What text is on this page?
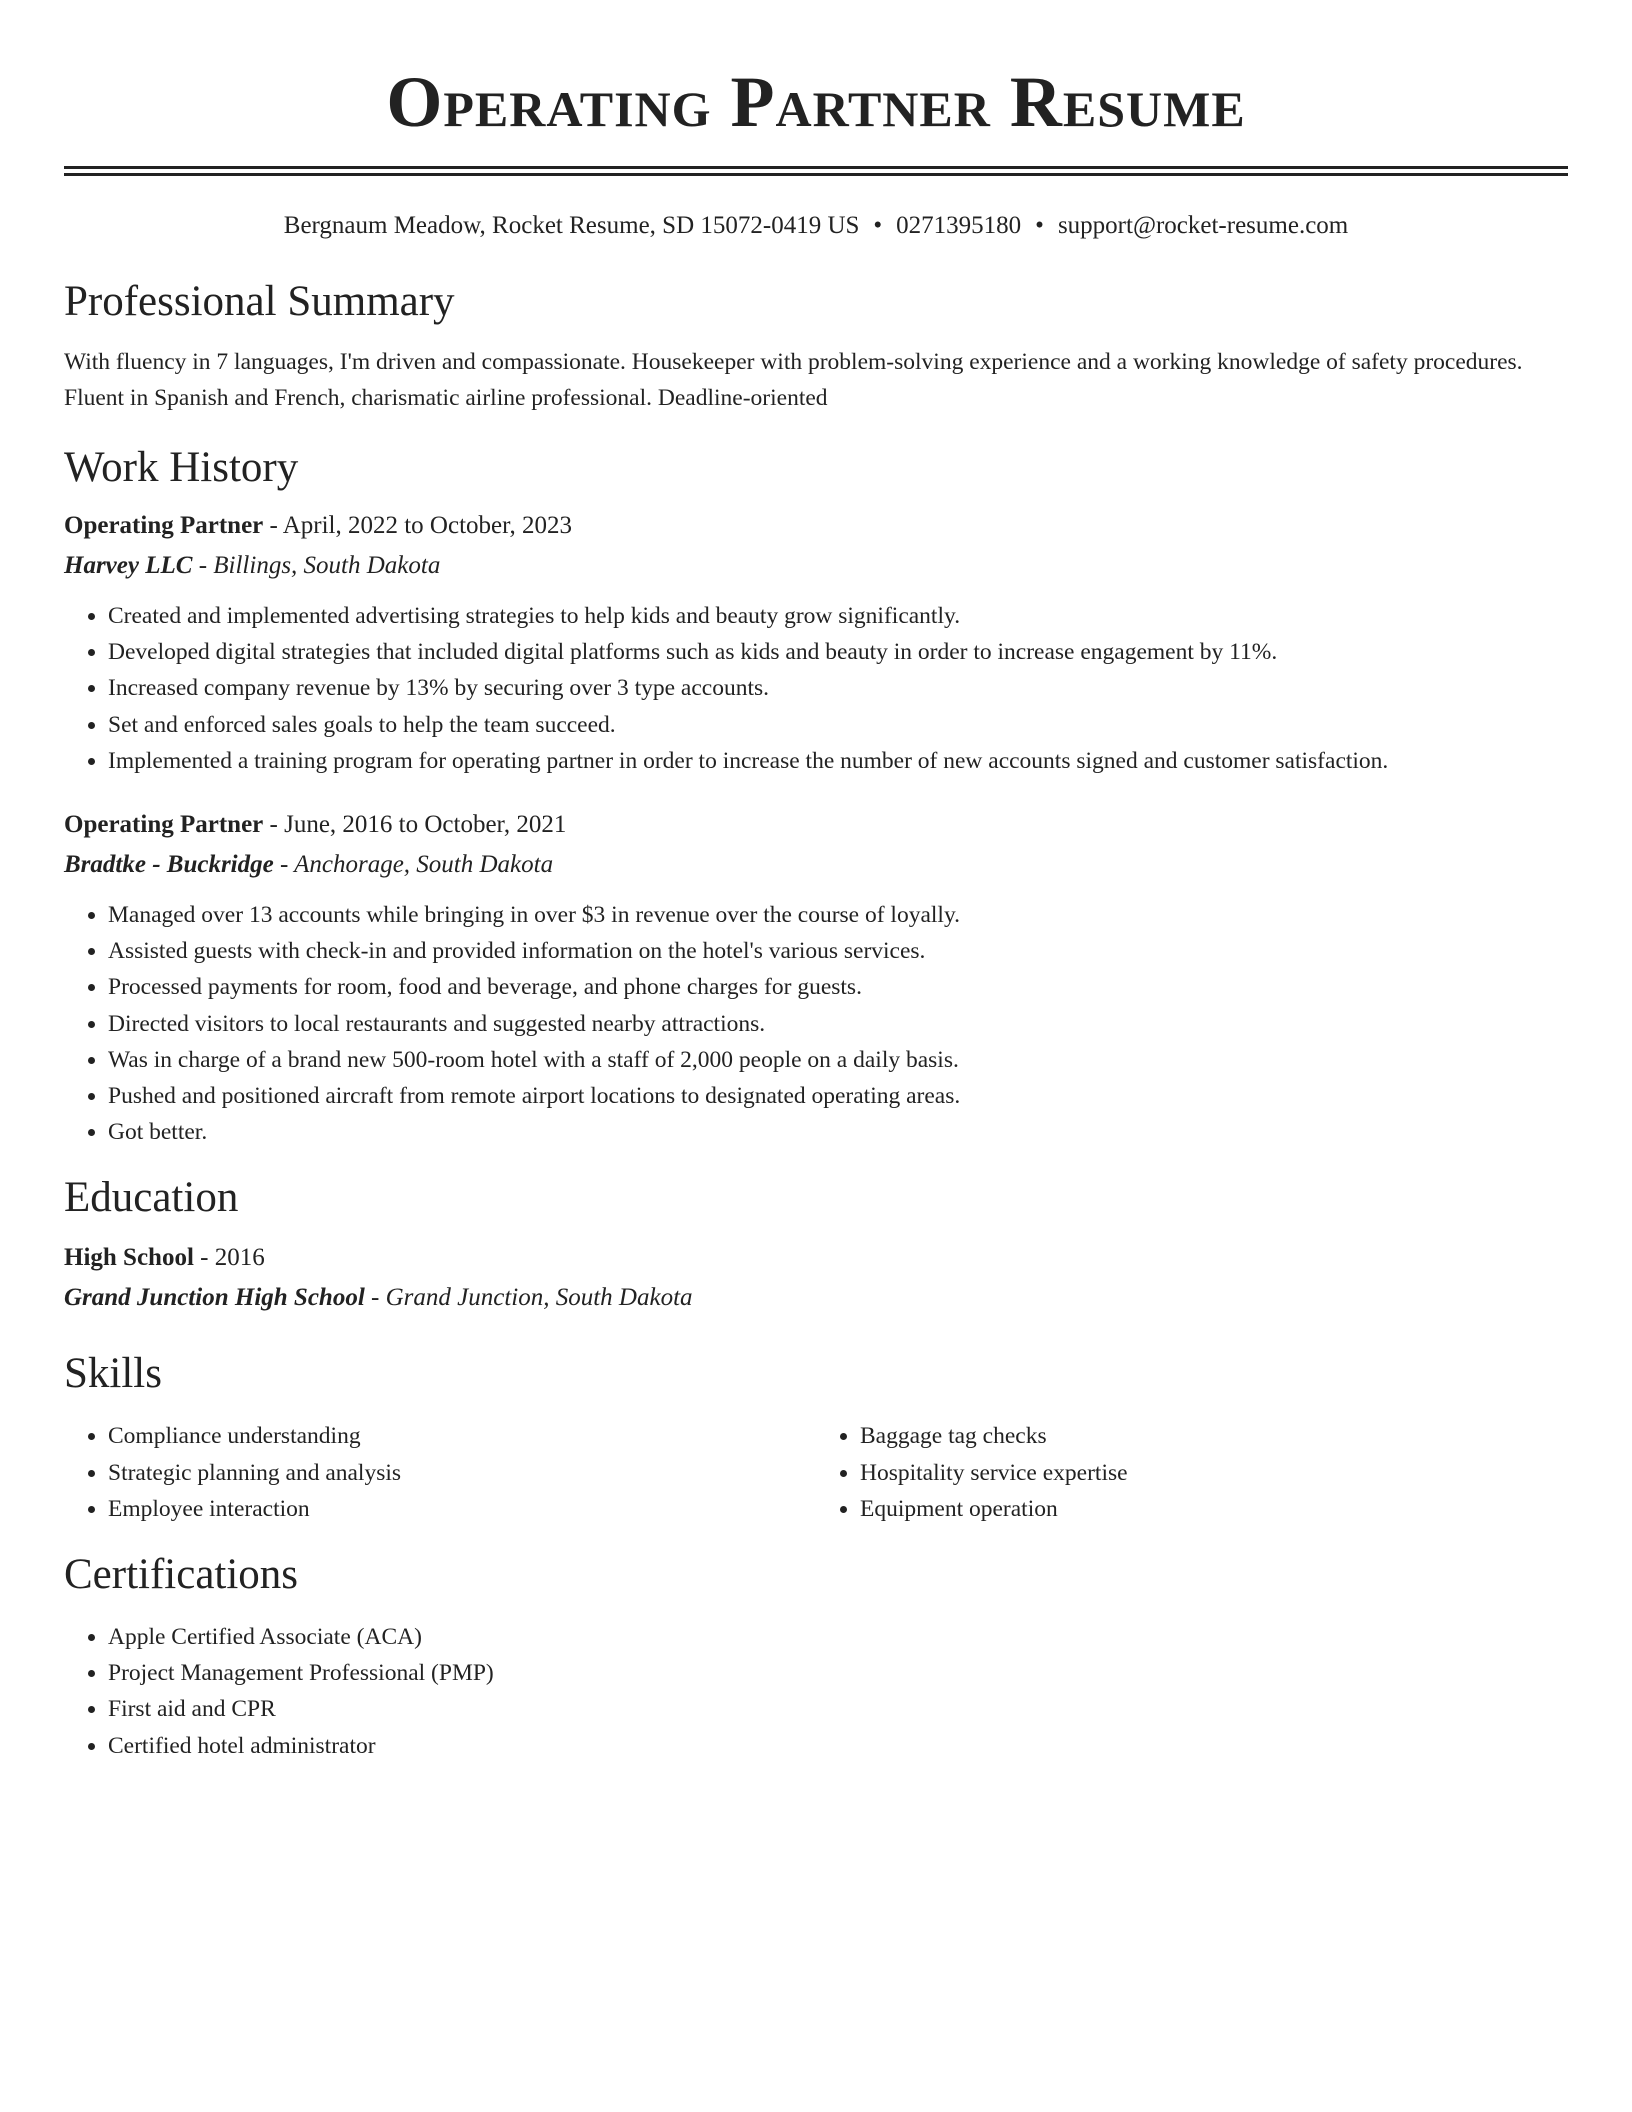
Operating Partner Resume
Bergnaum Meadow, Rocket Resume, SD 15072-0419 US • 0271395180 • support@rocket-resume.com
Professional Summary

With fluency in 7 languages, I'm driven and compassionate. Housekeeper with problem-solving experience and a working knowledge of safety procedures. Fluent in Spanish and French, charismatic airline professional. Deadline-oriented

Work History
Operating Partner - April, 2022 to October, 2023
Harvey LLC - Billings, South Dakota
• Created and implemented advertising strategies to help kids and beauty grow significantly.
• Developed digital strategies that included digital platforms such as kids and beauty in order to increase engagement by 11%.
• Increased company revenue by 13% by securing over 3 type accounts.
• Set and enforced sales goals to help the team succeed.
• Implemented a training program for operating partner in order to increase the number of new accounts signed and customer satisfaction.
Operating Partner - June, 2016 to October, 2021
Bradtke - Buckridge - Anchorage, South Dakota
• Managed over 13 accounts while bringing in over $3 in revenue over the course of loyally.
• Assisted guests with check-in and provided information on the hotel's various services.
• Processed payments for room, food and beverage, and phone charges for guests.
• Directed visitors to local restaurants and suggested nearby attractions.
• Was in charge of a brand new 500-room hotel with a staff of 2,000 people on a daily basis.
• Pushed and positioned aircraft from remote airport locations to designated operating areas.
• Got better.
Education
High School - 2016
Grand Junction High School - Grand Junction, South Dakota
Skills
• Compliance understanding
• Strategic planning and analysis
• Employee interaction
• Baggage tag checks
• Hospitality service expertise
• Equipment operation
Certifications
• Apple Certified Associate (ACA)
• Project Management Professional (PMP)
• First aid and CPR
• Certified hotel administrator
